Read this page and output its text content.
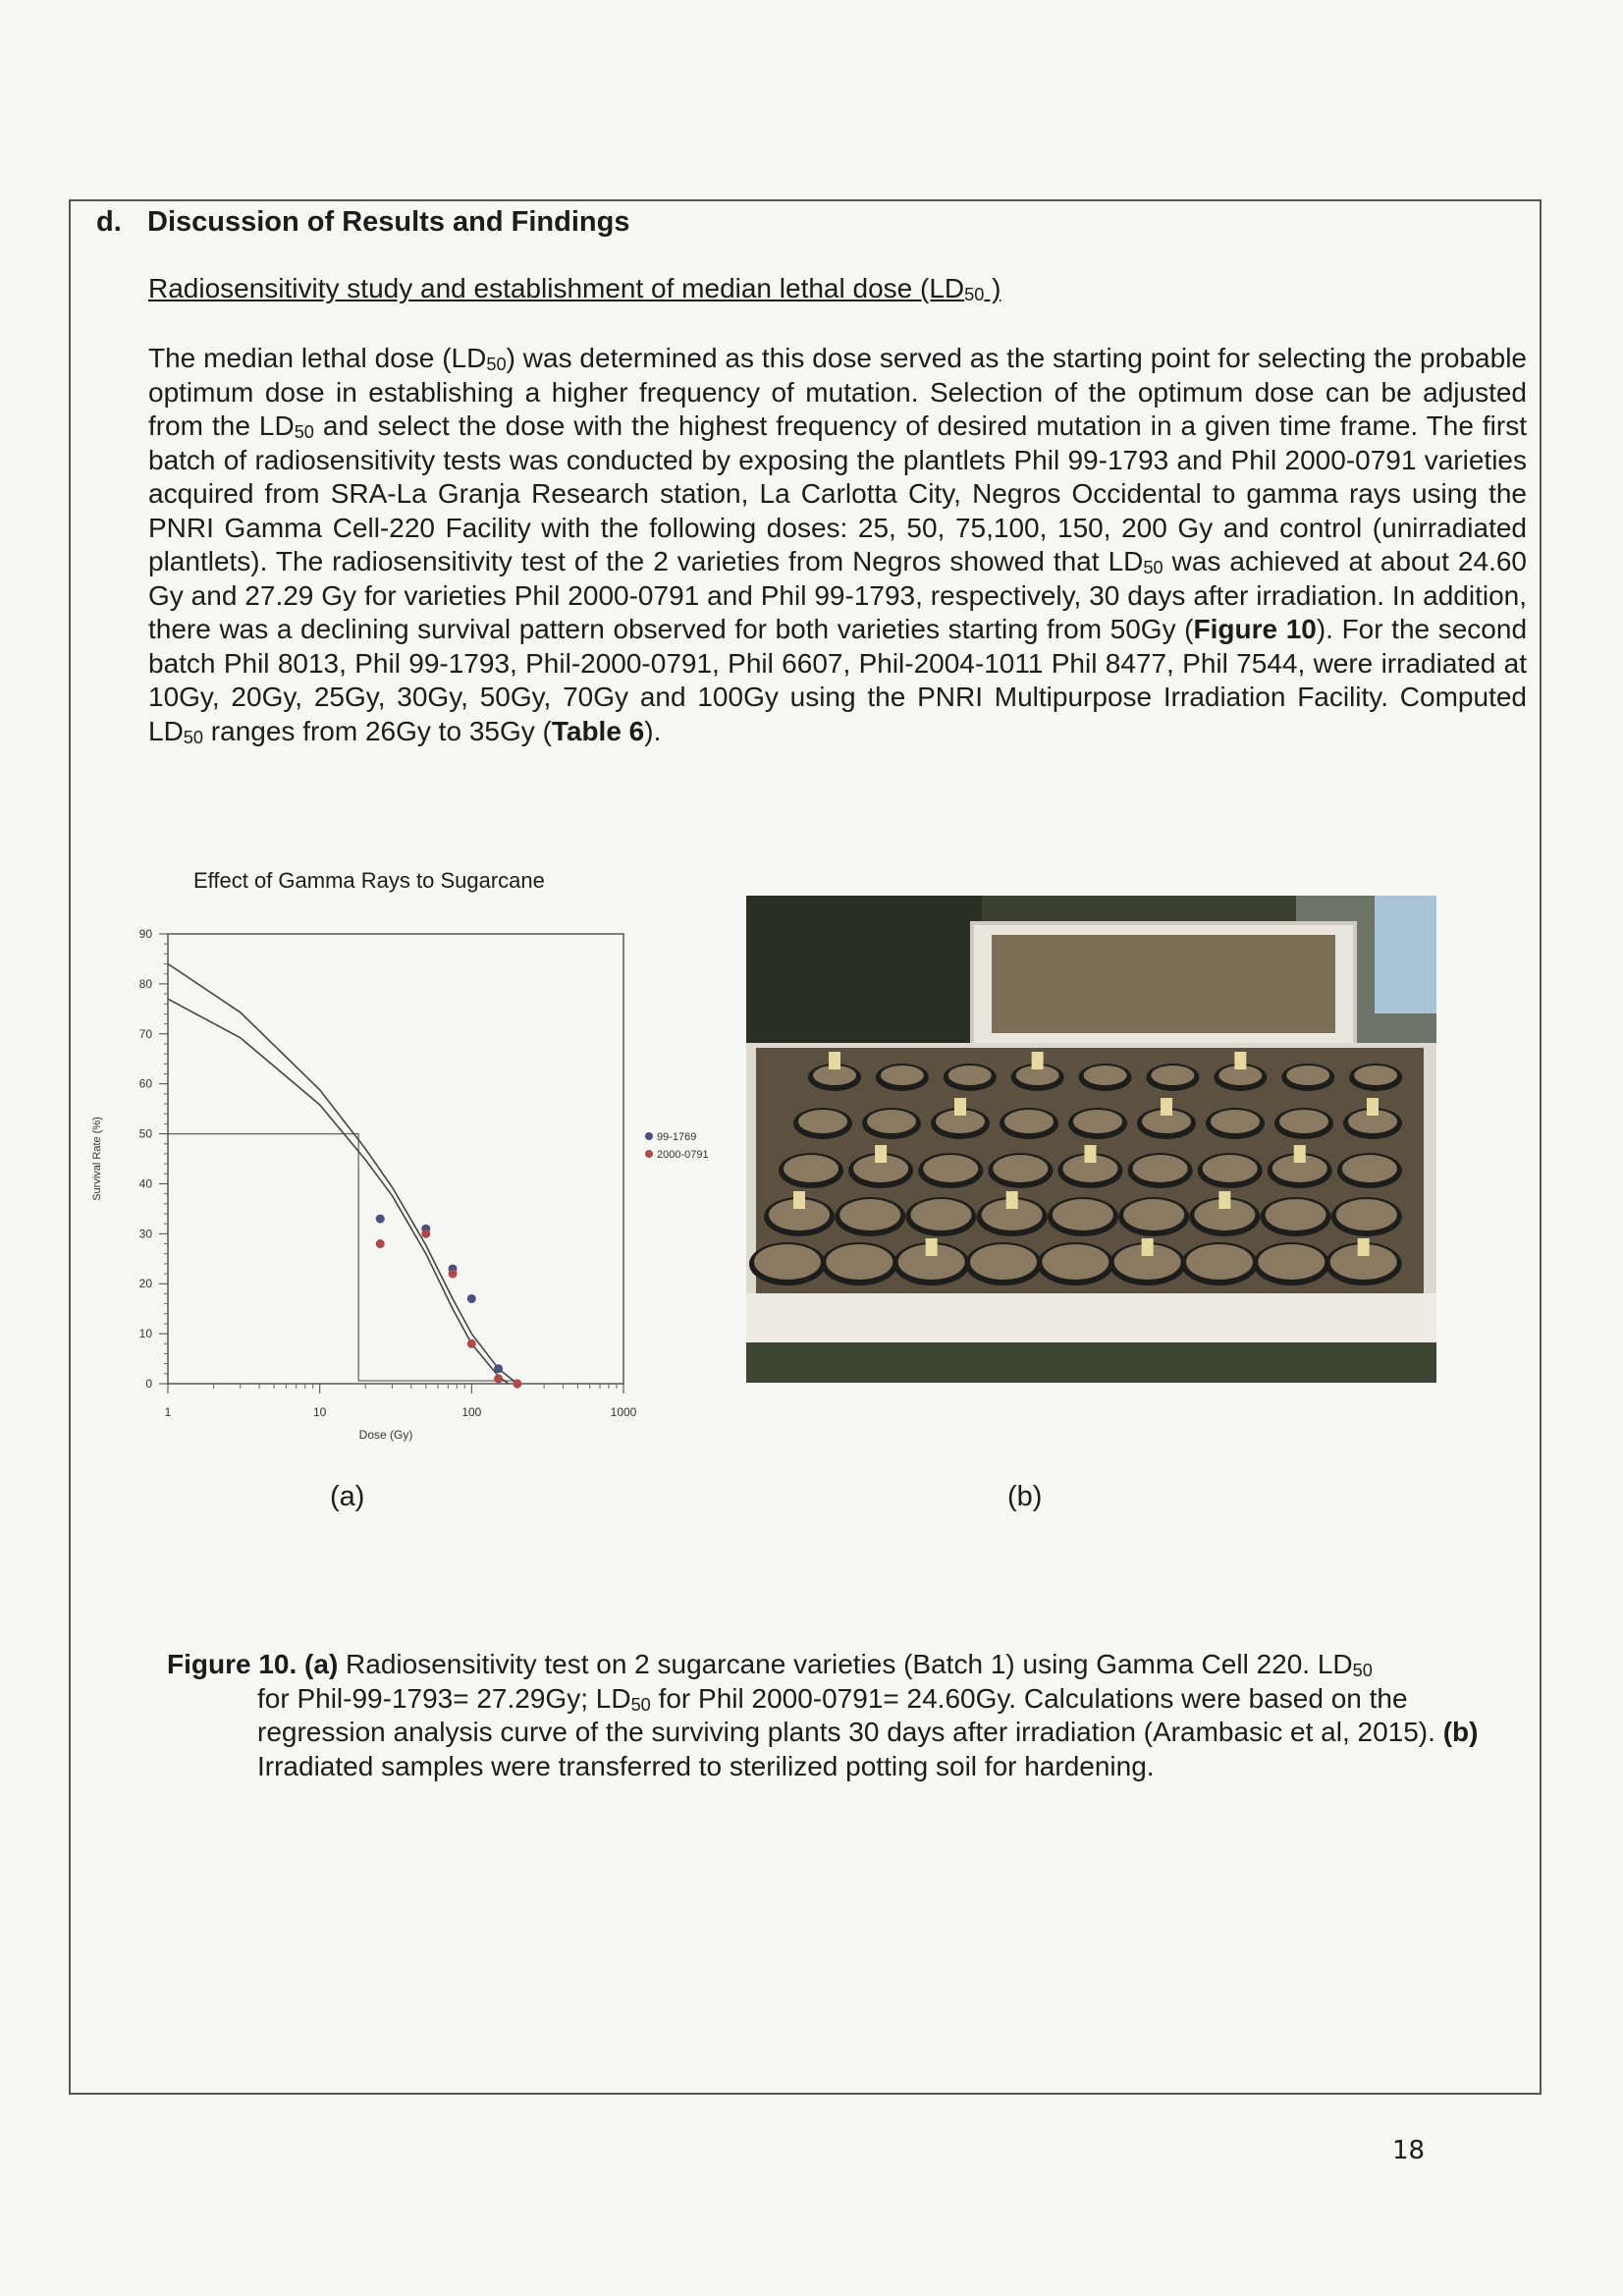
d. Discussion of Results and Findings

Radiosensitivity study and establishment of median lethal dose ($LD_{50}$ )

The median lethal dose $(LD_{50})$ was determined as this dose served as the starting point for selecting the probable optimum dose in establishing a higher frequency of mutation. Selection of the optimum dose can be adjusted from the $LD_{50}$ and select the dose with the highest frequency of desired mutation in a given time frame. The first batch of radiosensitivity tests was conducted by exposing the plantlets Phil 99-1793 and Phil 2000-0791 varieties acquired from SRA-La Granja Research station, La Carlotta City, Negros Occidental to gamma rays using the PNRI Gamma Cell-220 Facility with the following doses: 25, 50, 75,100, 150, 200 Gy and control (unirradiated plantlets). The radiosensitivity test of the 2 varieties from Negros showed that $LD_{50}$ was achieved at about 24.60 Gy and 27.29 Gy for varieties Phil 2000-0791 and Phil 99-1793, respectively, 30 days after irradiation. In addition, there was a declining survival pattern observed for both varieties starting from 50Gy (Figure 10). For the second batch Phil 8013, Phil 99-1793, Phil-2000-0791, Phil 6607, Phil-2004-1011 Phil 8477, Phil 7544, were irradiated at 10Gy, 20Gy, 25Gy, 30Gy, 50Gy, 70Gy and 100Gy using the PNRI Multipurpose Irradiation Facility. Computed $LD_{50}$ ranges from 26Gy to 35Gy (Table 6).

Effect of Gamma Rays to Sugarcane

0
10
20
30
40
50
60
70
80
90
1	10	100	1000
Dose (Gy)
Survival Rate (%)	99-1769
2000-0791
(a)	(b)

Figure 10. (a) Radiosensitivity test on 2 sugarcane varieties (Batch 1) using Gamma Cell 220. $LD_{50}$
for Phil-99-1793= 27.29Gy; $LD_{50}$ for Phil 2000-0791= 24.60Gy. Calculations were based on the regression analysis curve of the surviving plants 30 days after irradiation (Arambasic et al, 2015). (b) Irradiated samples were transferred to sterilized potting soil for hardening.

18
